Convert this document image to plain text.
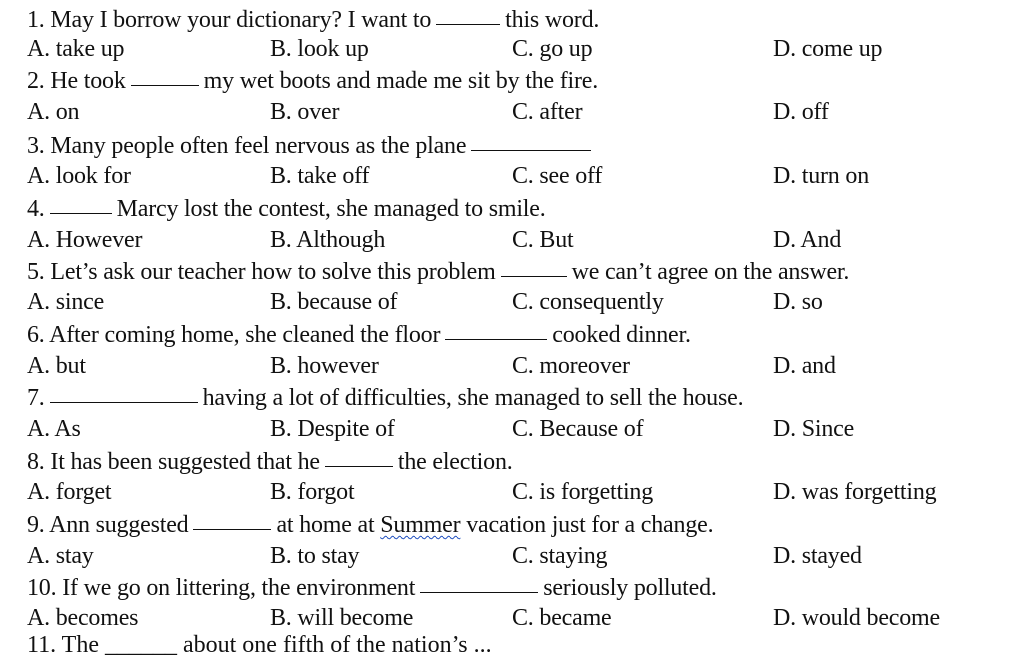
1. May I borrow your dictionary? I want to	this word.
A. take up	B. look up	C. go up	D. come up
2. He took	my wet boots and made me sit by the fire.
A. on	B. over	C. after	D. off
3. Many people often feel nervous as the plane
A. look for	B. take off	C. see off	D. turn on
4.	Marcy lost the contest, she managed to smile.
A. However	B. Although	C. But	D. And
5. Let’s ask our teacher how to solve this problem	we can’t agree on the answer.
A. since	B. because of	C. consequently	D. so
6. After coming home, she cleaned the floor	cooked dinner.
A. but	B. however	C. moreover	D. and
7.	having a lot of difficulties, she managed to sell the house.
A. As	B. Despite of	C. Because of	D. Since
8. It has been suggested that he	the election.
A. forget	B. forgot	C. is forgetting	D. was forgetting
9. Ann suggested	at home at Summer vacation just for a change.
A. stay	B. to stay	C. staying	D. stayed
10. If we go on littering, the environment	seriously polluted.
A. becomes	B. will become	C. became	D. would become
11. The ______ about one fifth of the nation’s ...
